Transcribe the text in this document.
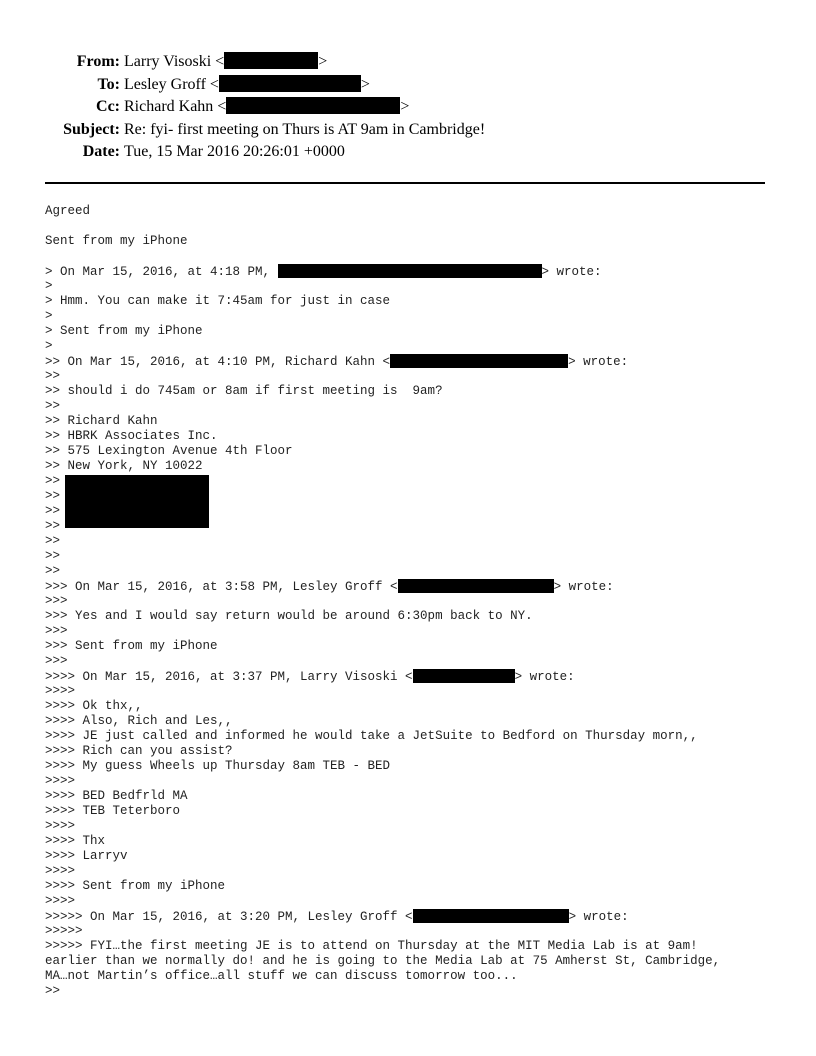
From: Larry Visoski <	>
To: Lesley Groff <	>
Cc: Richard Kahn <	>
Subject: Re: fyi- first meeting on Thurs is AT 9am in Cambridge!
Date: Tue, 15 Mar 2016 20:26:01 +0000
Agreed
Sent from my iPhone
> On Mar 15, 2016, at 4:18 PM,	> wrote:
>
> Hmm. You can make it 7:45am for just in case
>
> Sent from my iPhone
>
>> On Mar 15, 2016, at 4:10 PM, Richard Kahn <	> wrote:
>>
>> should i do 745am or 8am if first meeting is  9am?
>>
>> Richard Kahn
>> HBRK Associates Inc.
>> 575 Lexington Avenue 4th Floor
>> New York, NY 10022
>>
>>
>>
>>
>>
>>
>>
>>> On Mar 15, 2016, at 3:58 PM, Lesley Groff <	> wrote:
>>>
>>> Yes and I would say return would be around 6:30pm back to NY.
>>>
>>> Sent from my iPhone
>>>
>>>> On Mar 15, 2016, at 3:37 PM, Larry Visoski <	> wrote:
>>>>
>>>> Ok thx,,
>>>> Also, Rich and Les,,
>>>> JE just called and informed he would take a JetSuite to Bedford on Thursday morn,,
>>>> Rich can you assist?
>>>> My guess Wheels up Thursday 8am TEB - BED
>>>>
>>>> BED Bedfrld MA
>>>> TEB Teterboro
>>>>
>>>> Thx
>>>> Larryv
>>>>
>>>> Sent from my iPhone
>>>>
>>>>> On Mar 15, 2016, at 3:20 PM, Lesley Groff <	> wrote:
>>>>>
>>>>> FYI…the first meeting JE is to attend on Thursday at the MIT Media Lab is at 9am!
earlier than we normally do! and he is going to the Media Lab at 75 Amherst St, Cambridge,
MA…not Martin’s office…all stuff we can discuss tomorrow too...
>>
